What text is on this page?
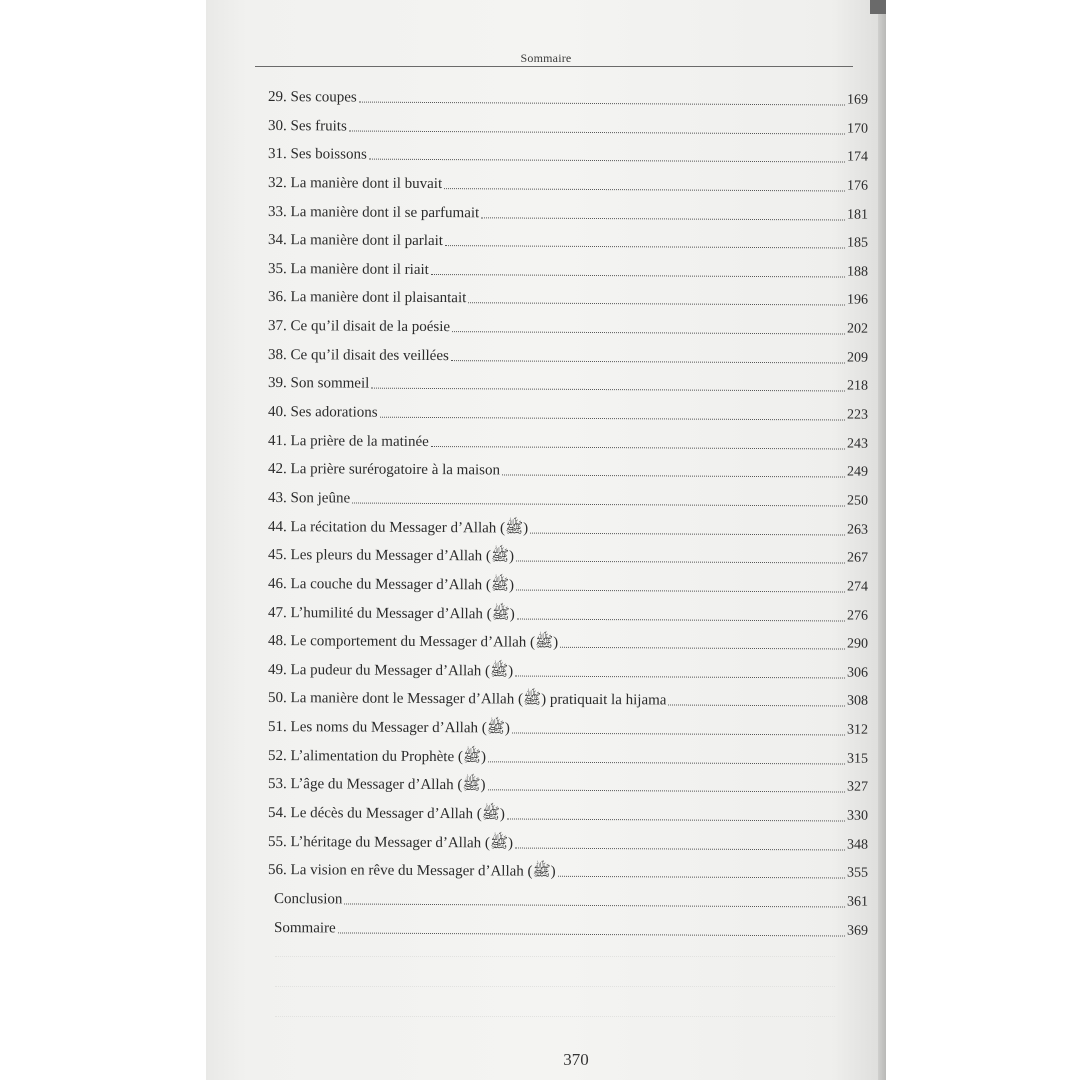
Sommaire
29. Ses coupes	169
30. Ses fruits	170
31. Ses boissons	174
32. La manière dont il buvait	176
33. La manière dont il se parfumait	181
34. La manière dont il parlait	185
35. La manière dont il riait	188
36. La manière dont il plaisantait	196
37. Ce qu’il disait de la poésie	202
38. Ce qu’il disait des veillées	209
39. Son sommeil	218
40. Ses adorations	223
41. La prière de la matinée	243
42. La prière surérogatoire à la maison	249
43. Son jeûne	250
44. La récitation du Messager d’Allah (ﷺ)	263
45. Les pleurs du Messager d’Allah (ﷺ)	267
46. La couche du Messager d’Allah (ﷺ)	274
47. L’humilité du Messager d’Allah (ﷺ)	276
48. Le comportement du Messager d’Allah (ﷺ)	290
49. La pudeur du Messager d’Allah (ﷺ)	306
50. La manière dont le Messager d’Allah (ﷺ) pratiquait la hijama	308
51. Les noms du Messager d’Allah (ﷺ)	312
52. L’alimentation du Prophète (ﷺ)	315
53. L’âge du Messager d’Allah (ﷺ)	327
54. Le décès du Messager d’Allah (ﷺ)	330
55. L’héritage du Messager d’Allah (ﷺ)	348
56. La vision en rêve du Messager d’Allah (ﷺ)	355
Conclusion	361
Sommaire	369
370
